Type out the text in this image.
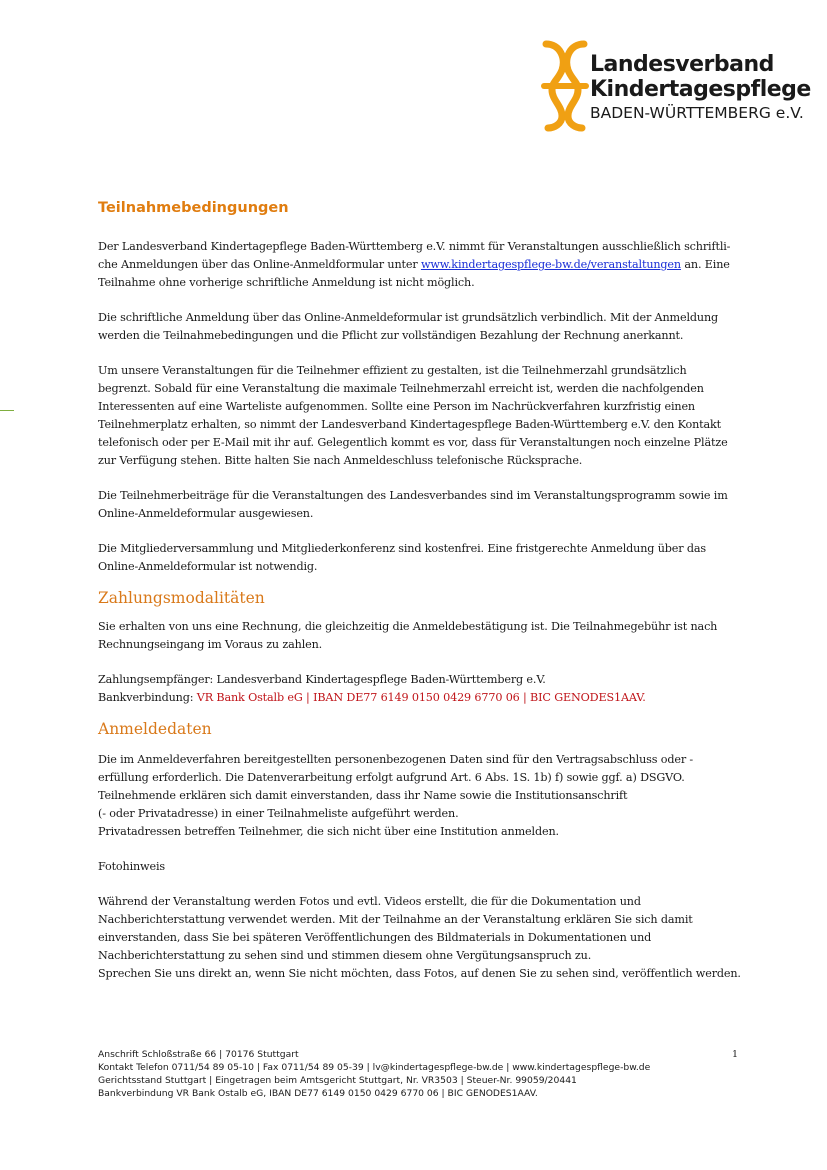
Landesverband
Kindertagespflege
BADEN-WÜRTTEMBERG e.V.
Teilnahmebedingungen

Der Landesverband Kindertagepflege Baden-Württemberg e.V. nimmt für Veranstaltungen ausschließlich schriftli-
che Anmeldungen über das Online-Anmeldformular unter www.kindertagespflege-bw.de/veranstaltungen an. Eine
Teilnahme ohne vorherige schriftliche Anmeldung ist nicht möglich.

Die schriftliche Anmeldung über das Online-Anmeldeformular ist grundsätzlich verbindlich. Mit der Anmeldung
werden die Teilnahmebedingungen und die Pflicht zur vollständigen Bezahlung der Rechnung anerkannt.

Um unsere Veranstaltungen für die Teilnehmer effizient zu gestalten, ist die Teilnehmerzahl grundsätzlich
begrenzt. Sobald für eine Veranstaltung die maximale Teilnehmerzahl erreicht ist, werden die nachfolgenden
Interessenten auf eine Warteliste aufgenommen. Sollte eine Person im Nachrückverfahren kurzfristig einen
Teilnehmerplatz erhalten, so nimmt der Landesverband Kindertagespflege Baden-Württemberg e.V. den Kontakt
telefonisch oder per E-Mail mit ihr auf. Gelegentlich kommt es vor, dass für Veranstaltungen noch einzelne Plätze
zur Verfügung stehen. Bitte halten Sie nach Anmeldeschluss telefonische Rücksprache.

Die Teilnehmerbeiträge für die Veranstaltungen des Landesverbandes sind im Veranstaltungsprogramm sowie im
Online-Anmeldeformular ausgewiesen.

Die Mitgliederversammlung und Mitgliederkonferenz sind kostenfrei. Eine fristgerechte Anmeldung über das
Online-Anmeldeformular ist notwendig.

Zahlungsmodalitäten

Sie erhalten von uns eine Rechnung, die gleichzeitig die Anmeldebestätigung ist. Die Teilnahmegebühr ist nach
Rechnungseingang im Voraus zu zahlen.

Zahlungsempfänger: Landesverband Kindertagespflege Baden-Württemberg e.V.
Bankverbindung: VR Bank Ostalb eG | IBAN DE77 6149 0150 0429 6770 06 | BIC GENODES1AAV.

Anmeldedaten

Die im Anmeldeverfahren bereitgestellten personenbezogenen Daten sind für den Vertragsabschluss oder -
erfüllung erforderlich. Die Datenverarbeitung erfolgt aufgrund Art. 6 Abs. 1S. 1b) f) sowie ggf. a) DSGVO.
Teilnehmende erklären sich damit einverstanden, dass ihr Name sowie die Institutionsanschrift
(- oder Privatadresse) in einer Teilnahmeliste aufgeführt werden.
Privatadressen betreffen Teilnehmer, die sich nicht über eine Institution anmelden.

Fotohinweis

Während der Veranstaltung werden Fotos und evtl. Videos erstellt, die für die Dokumentation und
Nachberichterstattung verwendet werden. Mit der Teilnahme an der Veranstaltung erklären Sie sich damit
einverstanden, dass Sie bei späteren Veröffentlichungen des Bildmaterials in Dokumentationen und
Nachberichterstattung zu sehen sind und stimmen diesem ohne Vergütungsanspruch zu.
Sprechen Sie uns direkt an, wenn Sie nicht möchten, dass Fotos, auf denen Sie zu sehen sind, veröffentlich werden.

Anschrift Schloßstraße 66 | 70176 Stuttgart
Kontakt Telefon 0711/54 89 05-10 | Fax 0711/54 89 05-39 | lv@kindertagespflege-bw.de | www.kindertagespflege-bw.de
Gerichtsstand Stuttgart | Eingetragen beim Amtsgericht Stuttgart, Nr. VR3503 | Steuer-Nr. 99059/20441
Bankverbindung VR Bank Ostalb eG, IBAN DE77 6149 0150 0429 6770 06 | BIC GENODES1AAV.
1
